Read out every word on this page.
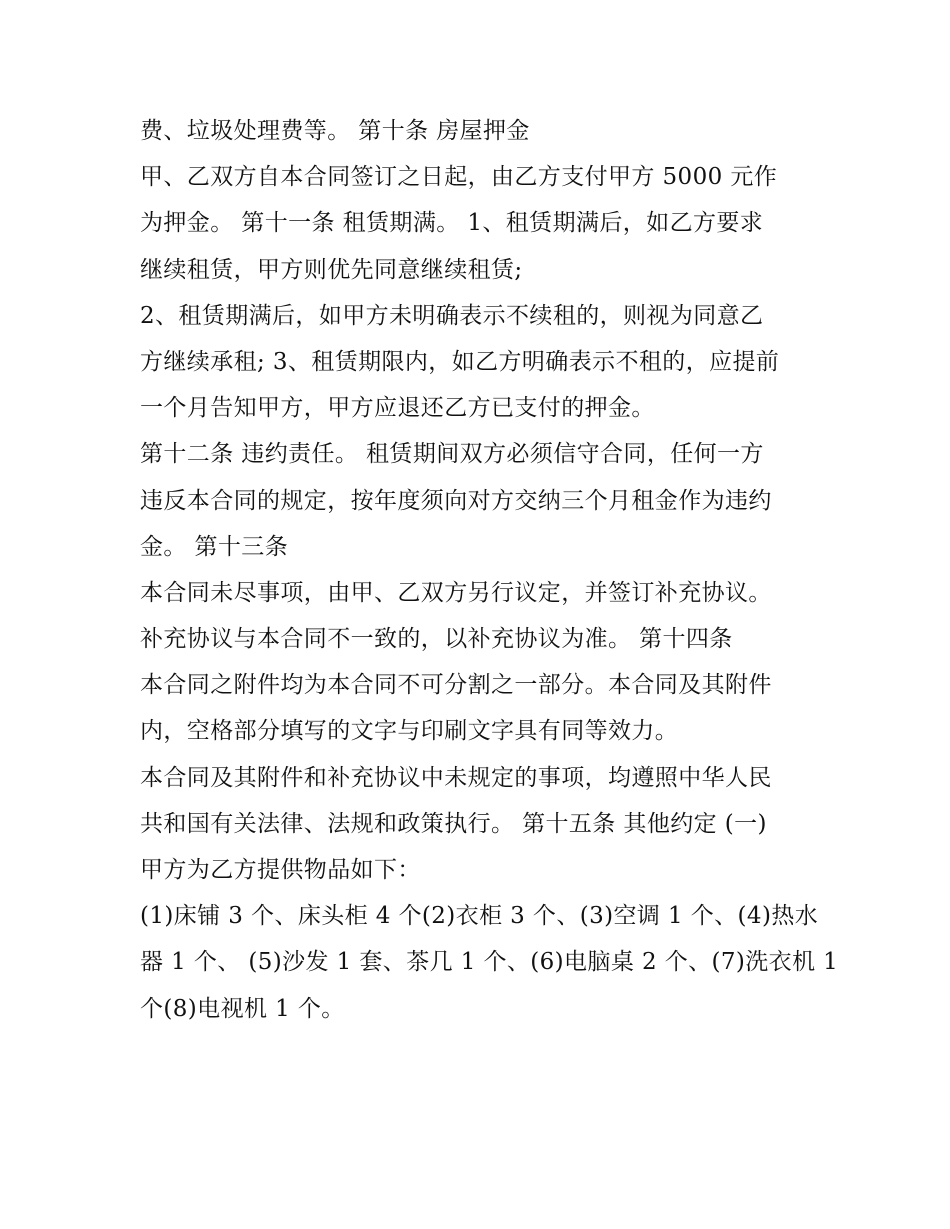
费、垃圾处理费等。 第十条 房屋押金
甲、乙双方自本合同签订之日起，由乙方支付甲方 5000 元作
为押金。 第十一条 租赁期满。 1、租赁期满后，如乙方要求
继续租赁，甲方则优先同意继续租赁;
2、租赁期满后，如甲方未明确表示不续租的，则视为同意乙
方继续承租; 3、租赁期限内，如乙方明确表示不租的，应提前
一个月告知甲方，甲方应退还乙方已支付的押金。
第十二条 违约责任。 租赁期间双方必须信守合同，任何一方
违反本合同的规定，按年度须向对方交纳三个月租金作为违约
金。 第十三条
本合同未尽事项，由甲、乙双方另行议定，并签订补充协议。
补充协议与本合同不一致的，以补充协议为准。 第十四条
本合同之附件均为本合同不可分割之一部分。本合同及其附件
内，空格部分填写的文字与印刷文字具有同等效力。
本合同及其附件和补充协议中未规定的事项，均遵照中华人民
共和国有关法律、法规和政策执行。 第十五条 其他约定 (一)
甲方为乙方提供物品如下：
(1)床铺 3 个、床头柜 4 个(2)衣柜 3 个、(3)空调 1 个、(4)热水
器 1 个、 (5)沙发 1 套、茶几 1 个、(6)电脑桌 2 个、(7)洗衣机 1
个(8)电视机 1 个。
